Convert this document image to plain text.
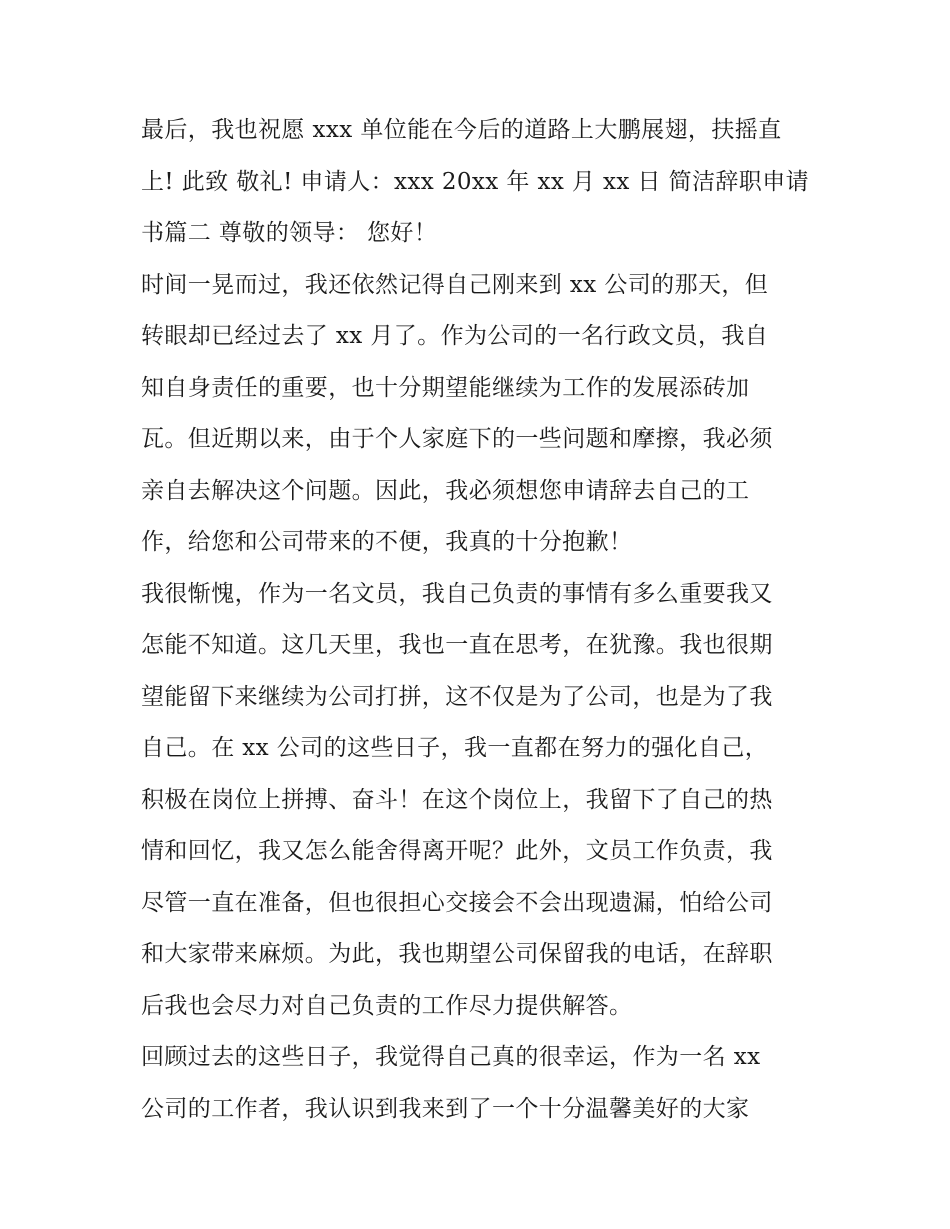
最后，我也祝愿 xxx 单位能在今后的道路上大鹏展翅，扶摇直
上! 此致 敬礼! 申请人：xxx 20xx 年 xx 月 xx 日 简洁辞职申请
书篇二 尊敬的领导： 您好！
时间一晃而过，我还依然记得自己刚来到 xx 公司的那天，但
转眼却已经过去了 xx 月了。作为公司的一名行政文员，我自
知自身责任的重要，也十分期望能继续为工作的发展添砖加
瓦。但近期以来，由于个人家庭下的一些问题和摩擦，我必须
亲自去解决这个问题。因此，我必须想您申请辞去自己的工
作，给您和公司带来的不便，我真的十分抱歉！
我很惭愧，作为一名文员，我自己负责的事情有多么重要我又
怎能不知道。这几天里，我也一直在思考，在犹豫。我也很期
望能留下来继续为公司打拼，这不仅是为了公司，也是为了我
自己。在 xx 公司的这些日子，我一直都在努力的强化自己，
积极在岗位上拼搏、奋斗！在这个岗位上，我留下了自己的热
情和回忆，我又怎么能舍得离开呢？此外，文员工作负责，我
尽管一直在准备，但也很担心交接会不会出现遗漏，怕给公司
和大家带来麻烦。为此，我也期望公司保留我的电话，在辞职
后我也会尽力对自己负责的工作尽力提供解答。
回顾过去的这些日子，我觉得自己真的很幸运，作为一名 xx
公司的工作者，我认识到我来到了一个十分温馨美好的大家
